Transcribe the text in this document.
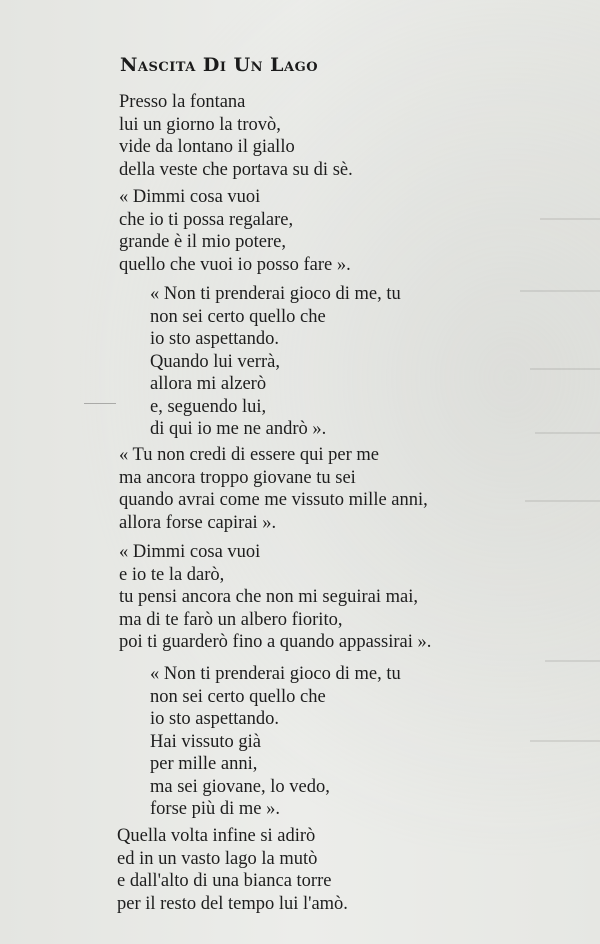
Nascita Di Un Lago

Presso la fontana
lui un giorno la trovò,
vide da lontano il giallo
della veste che portava su di sè.

« Dimmi cosa vuoi
che io ti possa regalare,
grande è il mio potere,
quello che vuoi io posso fare ».

« Non ti prenderai gioco di me, tu
non sei certo quello che
io sto aspettando.
Quando lui verrà,
allora mi alzerò
e, seguendo lui,
di qui io me ne andrò ».

« Tu non credi di essere qui per me
ma ancora troppo giovane tu sei
quando avrai come me vissuto mille anni,
allora forse capirai ».

« Dimmi cosa vuoi
e io te la darò,
tu pensi ancora che non mi seguirai mai,
ma di te farò un albero fiorito,
poi ti guarderò fino a quando appassirai ».

« Non ti prenderai gioco di me, tu
non sei certo quello che
io sto aspettando.
Hai vissuto già
per mille anni,
ma sei giovane, lo vedo,
forse più di me ».

Quella volta infine si adirò
ed in un vasto lago la mutò
e dall'alto di una bianca torre
per il resto del tempo lui l'amò.
